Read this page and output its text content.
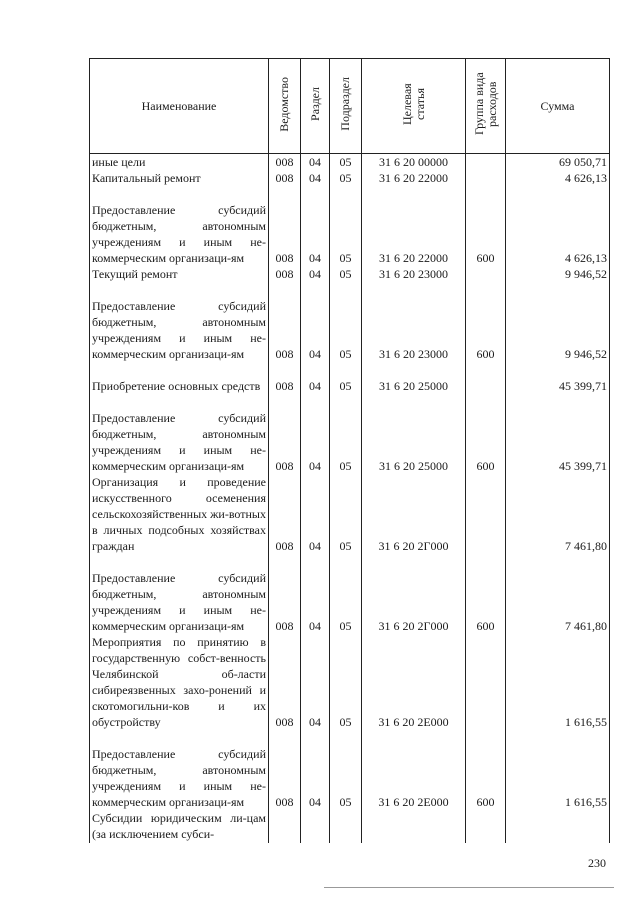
Наименование	Ведомство	Раздел	Подраздел	Целевая статья	Группа вида расходов	Сумма
иные цели	008	04	05	31 6 20 00000		69 050,71
Капитальный ремонт	008	04	05	31 6 20 22000		4 626,13
Предоставление субсидий бюджетным, автономным учреждениям и иным не-коммерческим организаци-ям	008	04	05	31 6 20 22000	600	4 626,13
Текущий ремонт	008	04	05	31 6 20 23000		9 946,52
Предоставление субсидий бюджетным, автономным учреждениям и иным не-коммерческим организаци-ям	008	04	05	31 6 20 23000	600	9 946,52
Приобретение основных средств	008	04	05	31 6 20 25000		45 399,71
Предоставление субсидий бюджетным, автономным учреждениям и иным не-коммерческим организаци-ям	008	04	05	31 6 20 25000	600	45 399,71
Организация и проведение искусственного осеменения сельскохозяйственных жи-вотных в личных подсобных хозяйствах граждан	008	04	05	31 6 20 2Г000		7 461,80
Предоставление субсидий бюджетным, автономным учреждениям и иным не-коммерческим организаци-ям	008	04	05	31 6 20 2Г000	600	7 461,80
Мероприятия по принятию в государственную собст-венность Челябинской об-ласти сибиреязвенных захо-ронений и скотомогильни-ков и их обустройству	008	04	05	31 6 20 2Е000		1 616,55
Предоставление субсидий бюджетным, автономным учреждениям и иным не-коммерческим организаци-ям	008	04	05	31 6 20 2Е000	600	1 616,55
Субсидии юридическим ли-цам (за исключением субси-						
230
